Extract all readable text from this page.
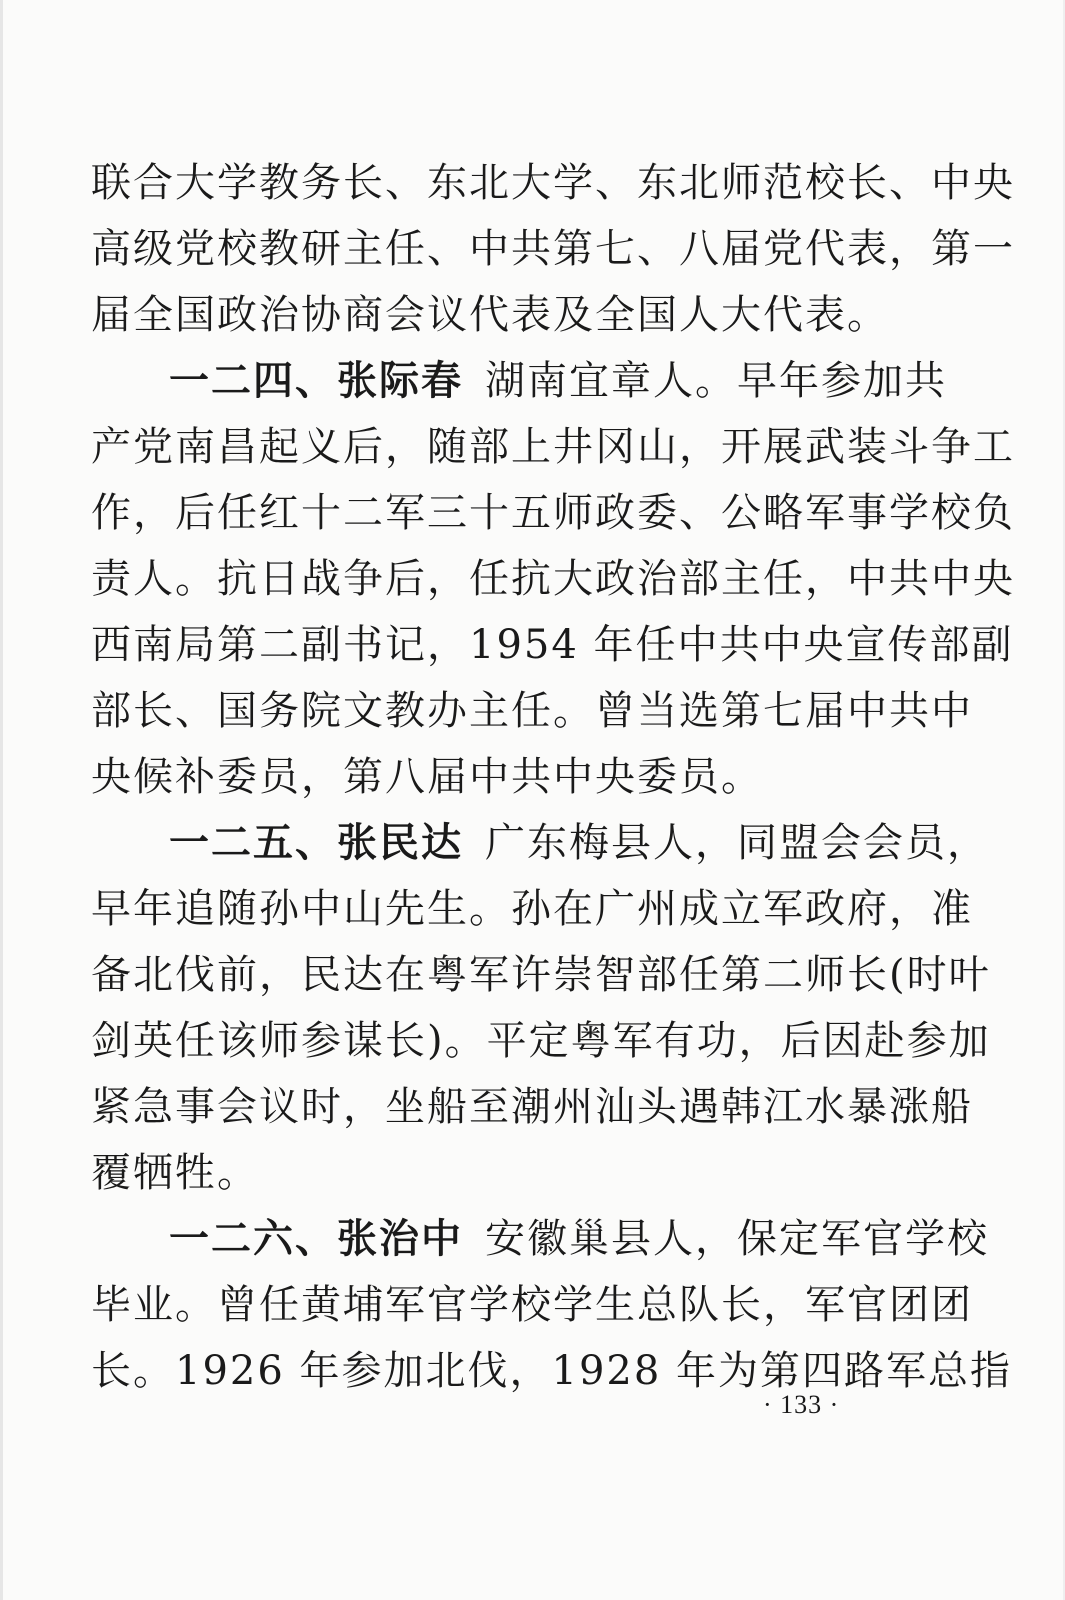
联合大学教务长、东北大学、东北师范校长、中央
高级党校教研主任、中共第七、八届党代表，第一
届全国政治协商会议代表及全国人大代表。
一二四、张际春 湖南宜章人。早年参加共
产党南昌起义后，随部上井冈山，开展武装斗争工
作，后任红十二军三十五师政委、公略军事学校负
责人。抗日战争后，任抗大政治部主任，中共中央
西南局第二副书记，1954 年任中共中央宣传部副
部长、国务院文教办主任。曾当选第七届中共中
央候补委员，第八届中共中央委员。
一二五、张民达 广东梅县人，同盟会会员，
早年追随孙中山先生。孙在广州成立军政府，准
备北伐前，民达在粤军许崇智部任第二师长(时叶
剑英任该师参谋长)。平定粤军有功，后因赴参加
紧急事会议时，坐船至潮州汕头遇韩江水暴涨船
覆牺牲。
一二六、张治中 安徽巢县人，保定军官学校
毕业。曾任黄埔军官学校学生总队长，军官团团
长。1926 年参加北伐，1928 年为第四路军总指
· 133 ·
